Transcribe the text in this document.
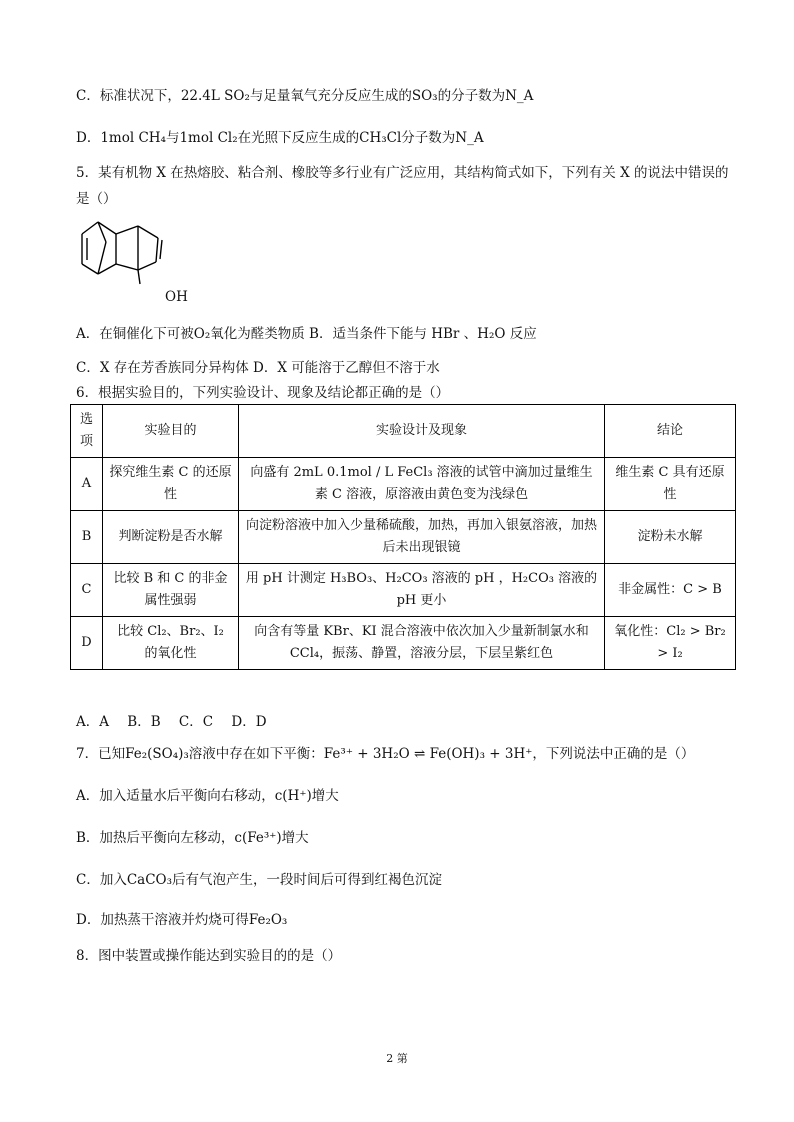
C．标准状况下，22.4L SO₂与足量氧气充分反应生成的SO₃的分子数为N_A
D．1mol CH₄与1mol Cl₂在光照下反应生成的CH₃Cl分子数为N_A
5．某有机物 X 在热熔胶、粘合剂、橡胶等多行业有广泛应用，其结构简式如下，下列有关 X 的说法中错误的是（）
OH
A．在铜催化下可被O₂氧化为醛类物质 B．适当条件下能与 HBr 、H₂O 反应
C．X 存在芳香族同分异构体 D．X 可能溶于乙醇但不溶于水
6．根据实验目的，下列实验设计、现象及结论都正确的是（）
选项	实验目的	实验设计及现象	结论
A	探究维生素 C 的还原性	向盛有 2mL 0.1mol / L FeCl₃ 溶液的试管中滴加过量维生素 C 溶液，原溶液由黄色变为浅绿色	维生素 C 具有还原性
B	判断淀粉是否水解	向淀粉溶液中加入少量稀硫酸，加热，再加入银氨溶液，加热后未出现银镜	淀粉未水解
C	比较 B 和 C 的非金属性强弱	用 pH 计测定 H₃BO₃、H₂CO₃ 溶液的 pH ，H₂CO₃ 溶液的 pH 更小	非金属性：C > B
D	比较 Cl₂、Br₂、I₂ 的氧化性	向含有等量 KBr、KI 混合溶液中依次加入少量新制氯水和 CCl₄，振荡、静置，溶液分层，下层呈紫红色	氧化性：Cl₂ > Br₂ > I₂
A．A B．B C．C D．D
7．已知Fe₂(SO₄)₃溶液中存在如下平衡：Fe³⁺ + 3H₂O ⇌ Fe(OH)₃ + 3H⁺，下列说法中正确的是（）
A．加入适量水后平衡向右移动，c(H⁺)增大
B．加热后平衡向左移动，c(Fe³⁺)增大
C．加入CaCO₃后有气泡产生，一段时间后可得到红褐色沉淀
D．加热蒸干溶液并灼烧可得Fe₂O₃
8．图中装置或操作能达到实验目的的是（）
2 第
